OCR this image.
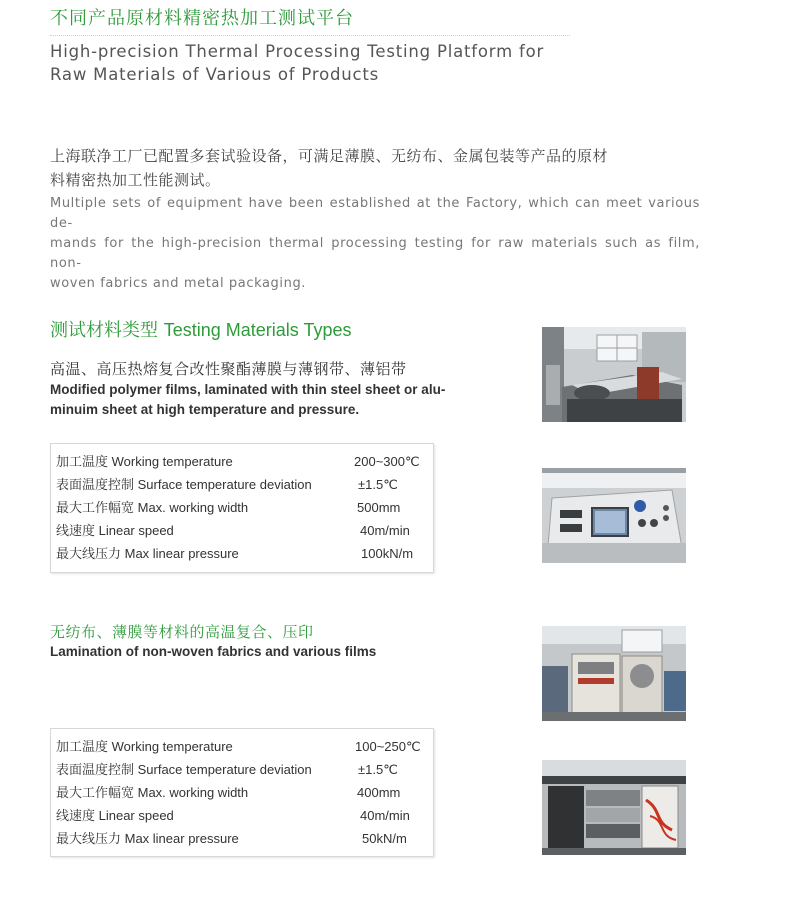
不同产品原材料精密热加工测试平台
High-precision Thermal Processing Testing Platform for
Raw Materials of Various of Products
上海联净工厂已配置多套试验设备，可满足薄膜、无纺布、金属包装等产品的原材
料精密热加工性能测试。
Multiple sets of equipment have been established at the Factory, which can meet various de-
mands for the high-precision thermal processing testing for raw materials such as film, non-
woven fabrics and metal packaging.
测试材料类型 Testing Materials Types
高温、高压热熔复合改性聚酯薄膜与薄钢带、薄铝带
Modified polymer films, laminated with thin steel sheet or alu-
minuim sheet at high temperature and pressure.
加工温度 Working temperature	200~300℃
表面温度控制 Surface temperature deviation	±1.5℃
最大工作幅宽 Max. working width	500mm
线速度 Linear speed	40m/min
最大线压力 Max linear pressure	100kN/m
无纺布、薄膜等材料的高温复合、压印
Lamination of non-woven fabrics and various films
加工温度 Working temperature	100~250℃
表面温度控制 Surface temperature deviation	±1.5℃
最大工作幅宽 Max. working width	400mm
线速度 Linear speed	40m/min
最大线压力 Max linear pressure	50kN/m
